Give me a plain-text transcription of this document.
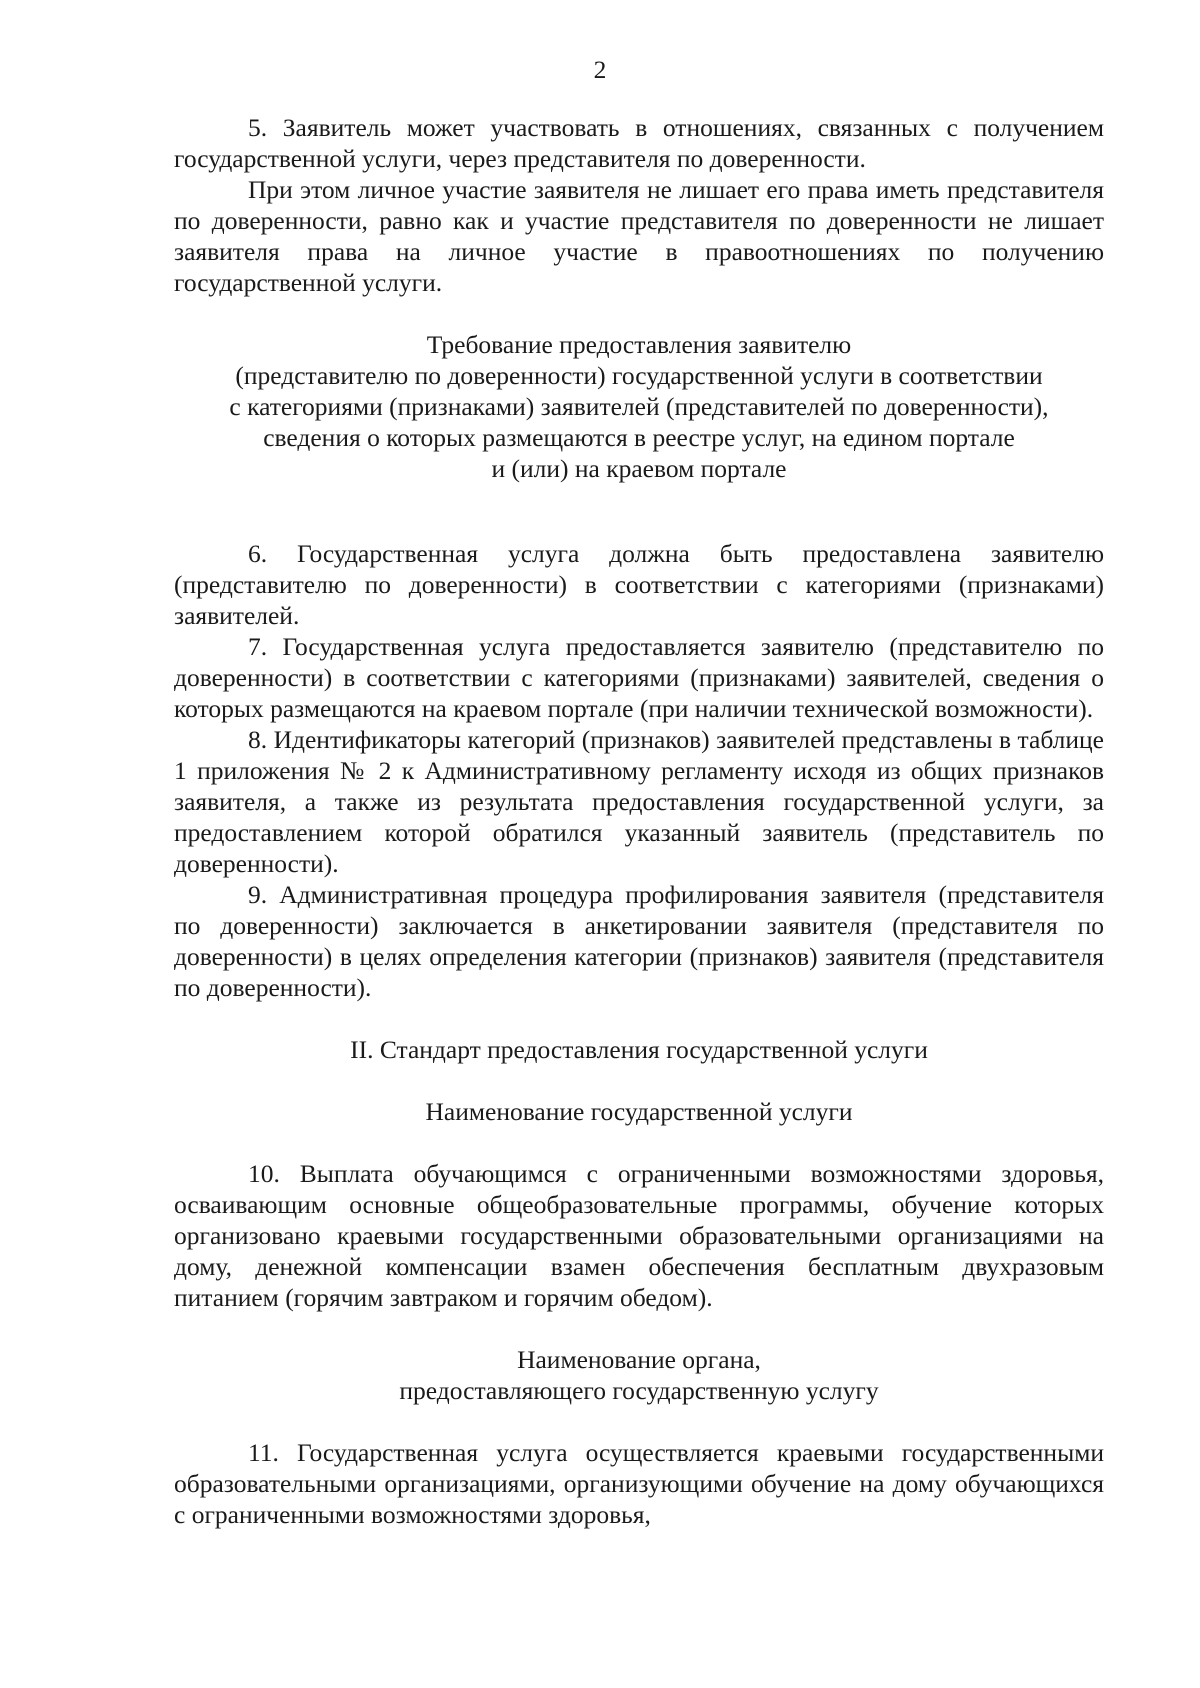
2

5. Заявитель может участвовать в отношениях, связанных с получением государственной услуги, через представителя по доверенности.

При этом личное участие заявителя не лишает его права иметь представителя по доверенности, равно как и участие представителя по доверенности не лишает заявителя права на личное участие в правоотношениях по получению государственной услуги.

Требование предоставления заявителю
(представителю по доверенности) государственной услуги в соответствии
с категориями (признаками) заявителей (представителей по доверенности),
сведения о которых размещаются в реестре услуг, на едином портале
и (или) на краевом портале

6. Государственная услуга должна быть предоставлена заявителю (представителю по доверенности) в соответствии с категориями (признаками) заявителей.

7. Государственная услуга предоставляется заявителю (представителю по доверенности) в соответствии с категориями (признаками) заявителей, сведения о которых размещаются на краевом портале (при наличии технической возможности).

8. Идентификаторы категорий (признаков) заявителей представлены в таблице 1 приложения № 2 к Административному регламенту исходя из общих признаков заявителя, а также из результата предоставления государственной услуги, за предоставлением которой обратился указанный заявитель (представитель по доверенности).

9. Административная процедура профилирования заявителя (представителя по доверенности) заключается в анкетировании заявителя (представителя по доверенности) в целях определения категории (признаков) заявителя (представителя по доверенности).

II. Стандарт предоставления государственной услуги
Наименование государственной услуги

10. Выплата обучающимся с ограниченными возможностями здоровья, осваивающим основные общеобразовательные программы, обучение которых организовано краевыми государственными образовательными организациями на дому, денежной компенсации взамен обеспечения бесплатным двухразовым питанием (горячим завтраком и горячим обедом).

Наименование органа,
предоставляющего государственную услугу

11. Государственная услуга осуществляется краевыми государственными образовательными организациями, организующими обучение на дому обучающихся с ограниченными возможностями здоровья,
